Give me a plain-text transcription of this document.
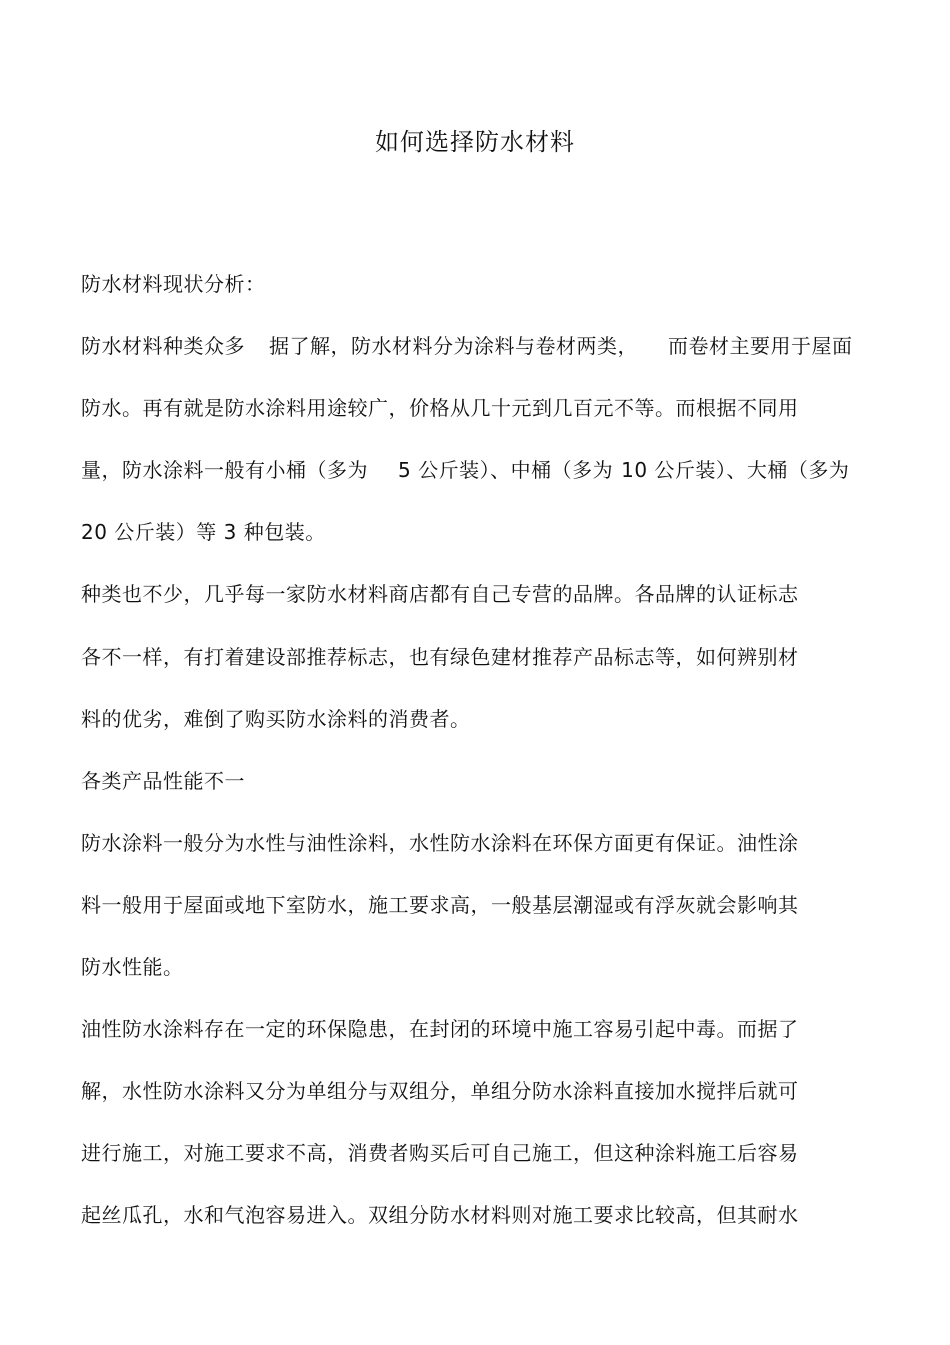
如何选择防水材料
防水材料现状分析：
防水材料种类众多 据了解，防水材料分为涂料与卷材两类， 而卷材主要用于屋面
防水。再有就是防水涂料用途较广，价格从几十元到几百元不等。而根据不同用
量，防水涂料一般有小桶（多为 5 公斤装）、中桶（多为 10 公斤装）、大桶（多为
20 公斤装）等 3 种包装。
种类也不少，几乎每一家防水材料商店都有自己专营的品牌。各品牌的认证标志
各不一样，有打着建设部推荐标志，也有绿色建材推荐产品标志等，如何辨别材
料的优劣，难倒了购买防水涂料的消费者。
各类产品性能不一
防水涂料一般分为水性与油性涂料，水性防水涂料在环保方面更有保证。油性涂
料一般用于屋面或地下室防水，施工要求高，一般基层潮湿或有浮灰就会影响其
防水性能。
油性防水涂料存在一定的环保隐患，在封闭的环境中施工容易引起中毒。而据了
解，水性防水涂料又分为单组分与双组分，单组分防水涂料直接加水搅拌后就可
进行施工，对施工要求不高，消费者购买后可自己施工，但这种涂料施工后容易
起丝瓜孔，水和气泡容易进入。双组分防水材料则对施工要求比较高，但其耐水
